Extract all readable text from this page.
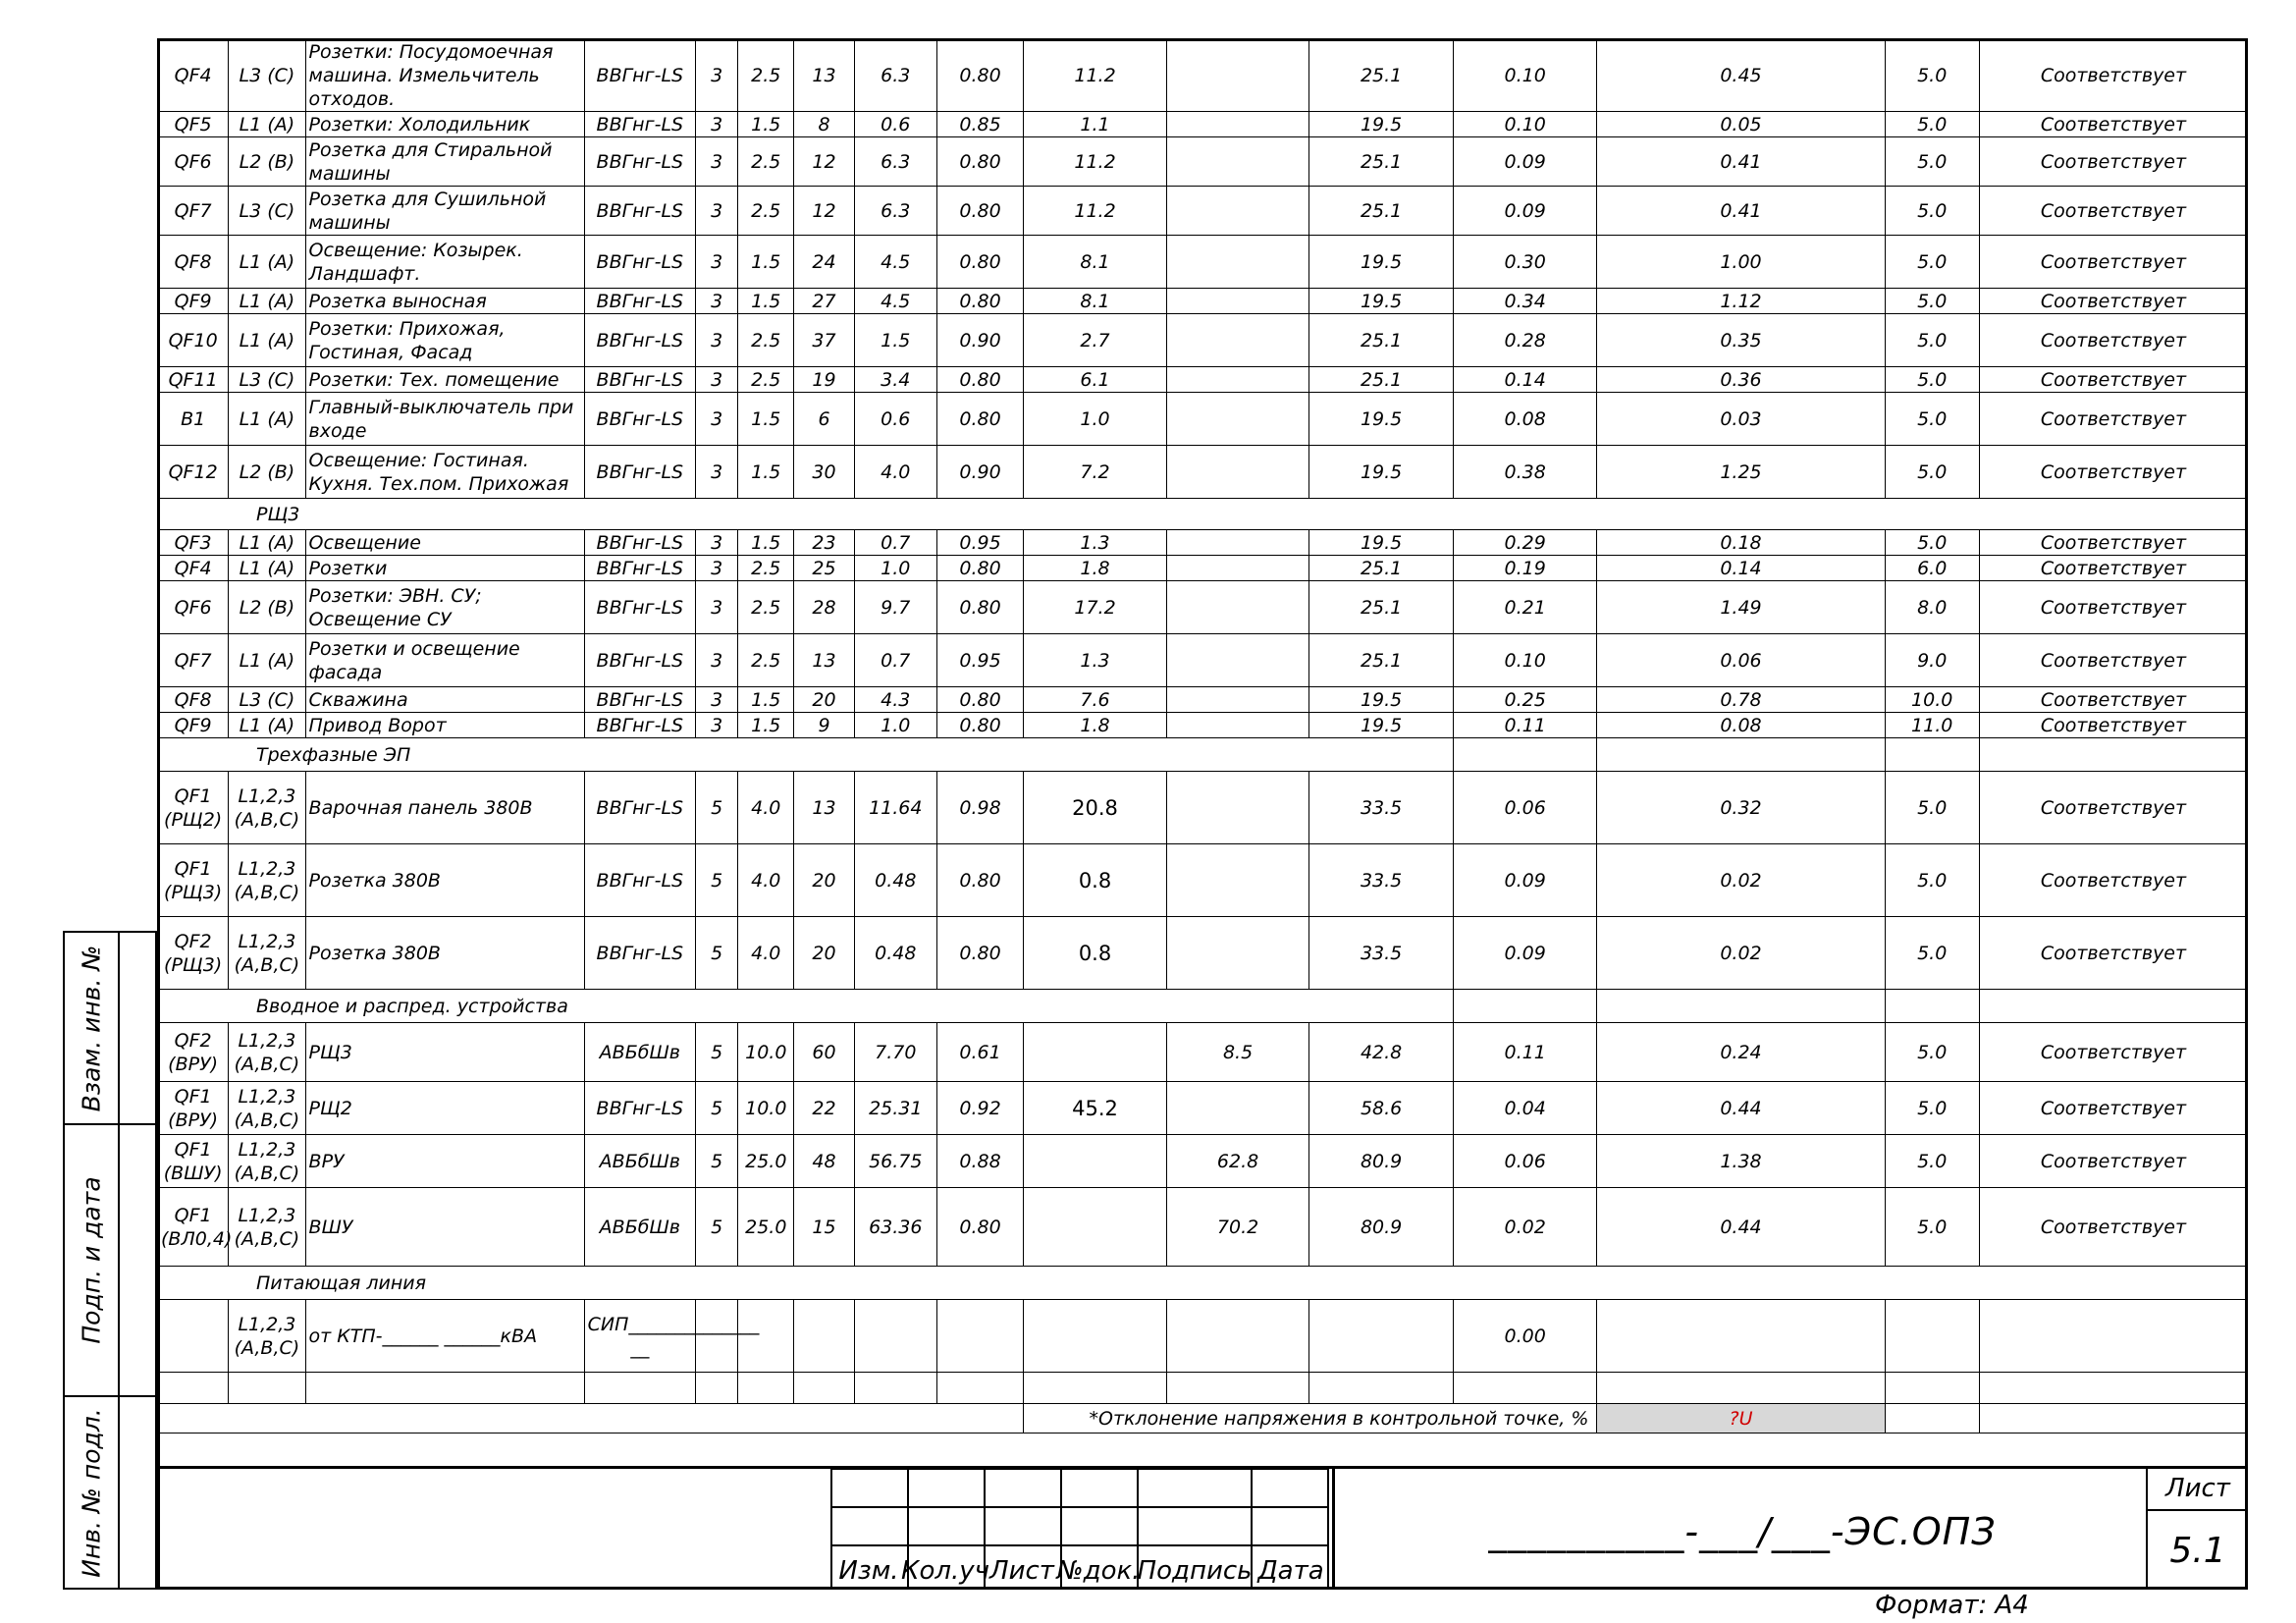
QF4	L3 (C)	Розетки: Посудомоечная машина. Измельчитель отходов.	ВВГнг-LS	3	2.5	13	6.3	0.80	11.2		25.1	0.10	0.45	5.0	Соответствует
QF5	L1 (A)	Розетки: Холодильник	ВВГнг-LS	3	1.5	8	0.6	0.85	1.1		19.5	0.10	0.05	5.0	Соответствует
QF6	L2 (B)	Розетка для Стиральной машины	ВВГнг-LS	3	2.5	12	6.3	0.80	11.2		25.1	0.09	0.41	5.0	Соответствует
QF7	L3 (C)	Розетка для Сушильной машины	ВВГнг-LS	3	2.5	12	6.3	0.80	11.2		25.1	0.09	0.41	5.0	Соответствует
QF8	L1 (A)	Освещение: Козырек. Ландшафт.	ВВГнг-LS	3	1.5	24	4.5	0.80	8.1		19.5	0.30	1.00	5.0	Соответствует
QF9	L1 (A)	Розетка выносная	ВВГнг-LS	3	1.5	27	4.5	0.80	8.1		19.5	0.34	1.12	5.0	Соответствует
QF10	L1 (A)	Розетки: Прихожая, Гостиная, Фасад	ВВГнг-LS	3	2.5	37	1.5	0.90	2.7		25.1	0.28	0.35	5.0	Соответствует
QF11	L3 (C)	Розетки: Тех. помещение	ВВГнг-LS	3	2.5	19	3.4	0.80	6.1		25.1	0.14	0.36	5.0	Соответствует
B1	L1 (A)	Главный-выключатель при входе	ВВГнг-LS	3	1.5	6	0.6	0.80	1.0		19.5	0.08	0.03	5.0	Соответствует
QF12	L2 (B)	Освещение: Гостиная. Кухня. Тех.пом. Прихожая	ВВГнг-LS	3	1.5	30	4.0	0.90	7.2		19.5	0.38	1.25	5.0	Соответствует
РЩ3															
QF3	L1 (A)	Освещение	ВВГнг-LS	3	1.5	23	0.7	0.95	1.3		19.5	0.29	0.18	5.0	Соответствует
QF4	L1 (A)	Розетки	ВВГнг-LS	3	2.5	25	1.0	0.80	1.8		25.1	0.19	0.14	6.0	Соответствует
QF6	L2 (B)	Розетки: ЭВН. СУ; Освещение СУ	ВВГнг-LS	3	2.5	28	9.7	0.80	17.2		25.1	0.21	1.49	8.0	Соответствует
QF7	L1 (A)	Розетки и освещение фасада	ВВГнг-LS	3	2.5	13	0.7	0.95	1.3		25.1	0.10	0.06	9.0	Соответствует
QF8	L3 (C)	Скважина	ВВГнг-LS	3	1.5	20	4.3	0.80	7.6		19.5	0.25	0.78	10.0	Соответствует
QF9	L1 (A)	Привод Ворот	ВВГнг-LS	3	1.5	9	1.0	0.80	1.8		19.5	0.11	0.08	11.0	Соответствует
Трехфазные ЭП															
QF1 (РЩ2)	L1,2,3 (A,B,C)	Варочная панель 380В	ВВГнг-LS	5	4.0	13	11.64	0.98	20.8		33.5	0.06	0.32	5.0	Соответствует
QF1 (РЩ3)	L1,2,3 (A,B,C)	Розетка 380В	ВВГнг-LS	5	4.0	20	0.48	0.80	0.8		33.5	0.09	0.02	5.0	Соответствует
QF2 (РЩ3)	L1,2,3 (A,B,C)	Розетка 380В	ВВГнг-LS	5	4.0	20	0.48	0.80	0.8		33.5	0.09	0.02	5.0	Соответствует
Вводное и распред. устройства															
QF2 (ВРУ)	L1,2,3 (A,B,C)	РЩ3	АВБбШв	5	10.0	60	7.70	0.61		8.5	42.8	0.11	0.24	5.0	Соответствует
QF1 (ВРУ)	L1,2,3 (A,B,C)	РЩ2	ВВГнг-LS	5	10.0	22	25.31	0.92	45.2		58.6	0.04	0.44	5.0	Соответствует
QF1 (ВШУ)	L1,2,3 (A,B,C)	ВРУ	АВБбШв	5	25.0	48	56.75	0.88		62.8	80.9	0.06	1.38	5.0	Соответствует
QF1 (ВЛ0,4)	L1,2,3 (A,B,C)	ВШУ	АВБбШв	5	25.0	15	63.36	0.80		70.2	80.9	0.02	0.44	5.0	Соответствует
Питающая линия															
	L1,2,3 (A,B,C)	от КТП-______ ______кВА	СИП______________ __									0.00			

									*Отклонение напряжения в контрольной точке, %				?U		
Взам. инв. №
Подп. и дата
Инв. № подл.

						Изм. Кол.уч Лист №док.
Подпись Дата
__________-___/___-ЭС.ОПЗ
Лист
5.1
Формат: А4
